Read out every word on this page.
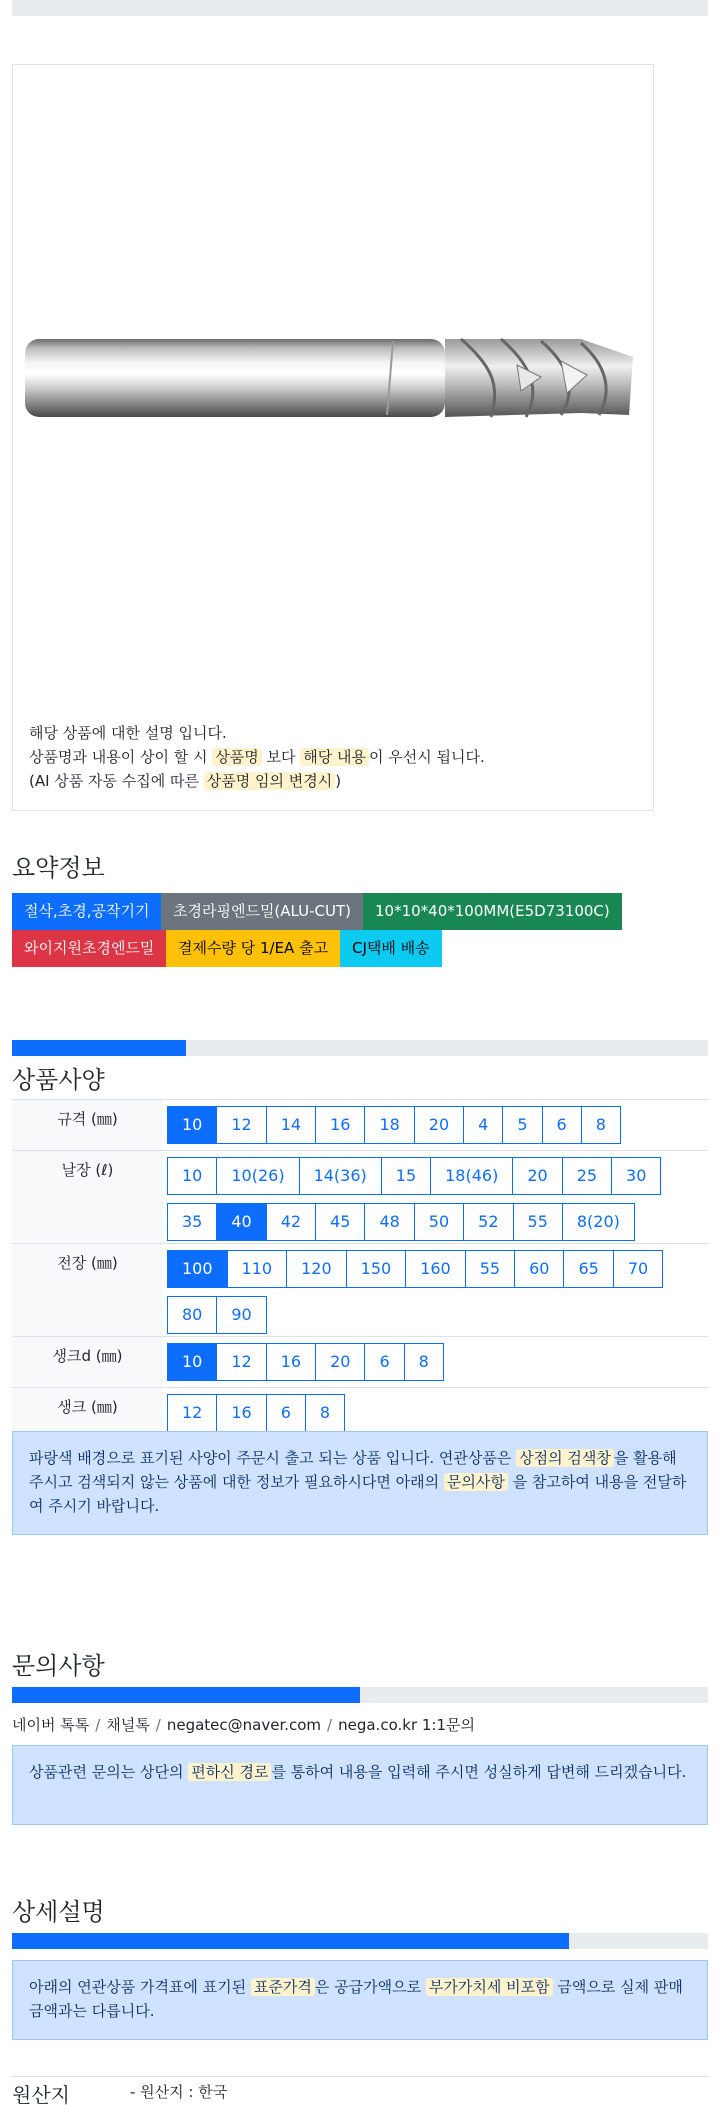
해당 상품에 대한 설명 입니다.
상품명과 내용이 상이 할 시 상품명 보다 해당 내용 이 우선시 됩니다.
(AI 상품 자동 수집에 따른 상품명 임의 변경시 )
요약정보
절삭,초경,공작기기	초경라핑엔드밀(ALU-CUT)	10*10*40*100MM(E5D73100C)
와이지원초경엔드밀	결제수량 당 1/EA 출고	CJ택배 배송
상품사양
규격 (㎜)	10	12	14	16	18	20	4	5	6	8
날장 (ℓ)	10	10(26)	14(36)	15	18(46)	20	25	30
35	40	42	45	48	50	52	55	8(20)
전장 (㎜)	100	110	120	150	160	55	60	65	70
80	90
생크d (㎜)	10	12	16	20	6	8
생크 (㎜)	12	16	6	8
파랑색 배경으로 표기된 사양이 주문시 출고 되는 상품 입니다. 연관상품은 상점의 검색창 을 활용해 주시고 검색되지 않는 상품에 대한 정보가 필요하시다면 아래의 문의사항 을 참고하여 내용을 전달하여 주시기 바랍니다.
문의사항
네이버 톡톡 / 채널톡 / negatec@naver.com / nega.co.kr 1:1문의
상품관련 문의는 상단의 편하신 경로 를 통하여 내용을 입력해 주시면 성실하게 답변해 드리겠습니다.
상세설명
아래의 연관상품 가격표에 표기된 표준가격 은 공급가액으로 부가가치세 비포함 금액으로 실제 판매금액과는 다릅니다.
원산지	- 원산지 : 한국
